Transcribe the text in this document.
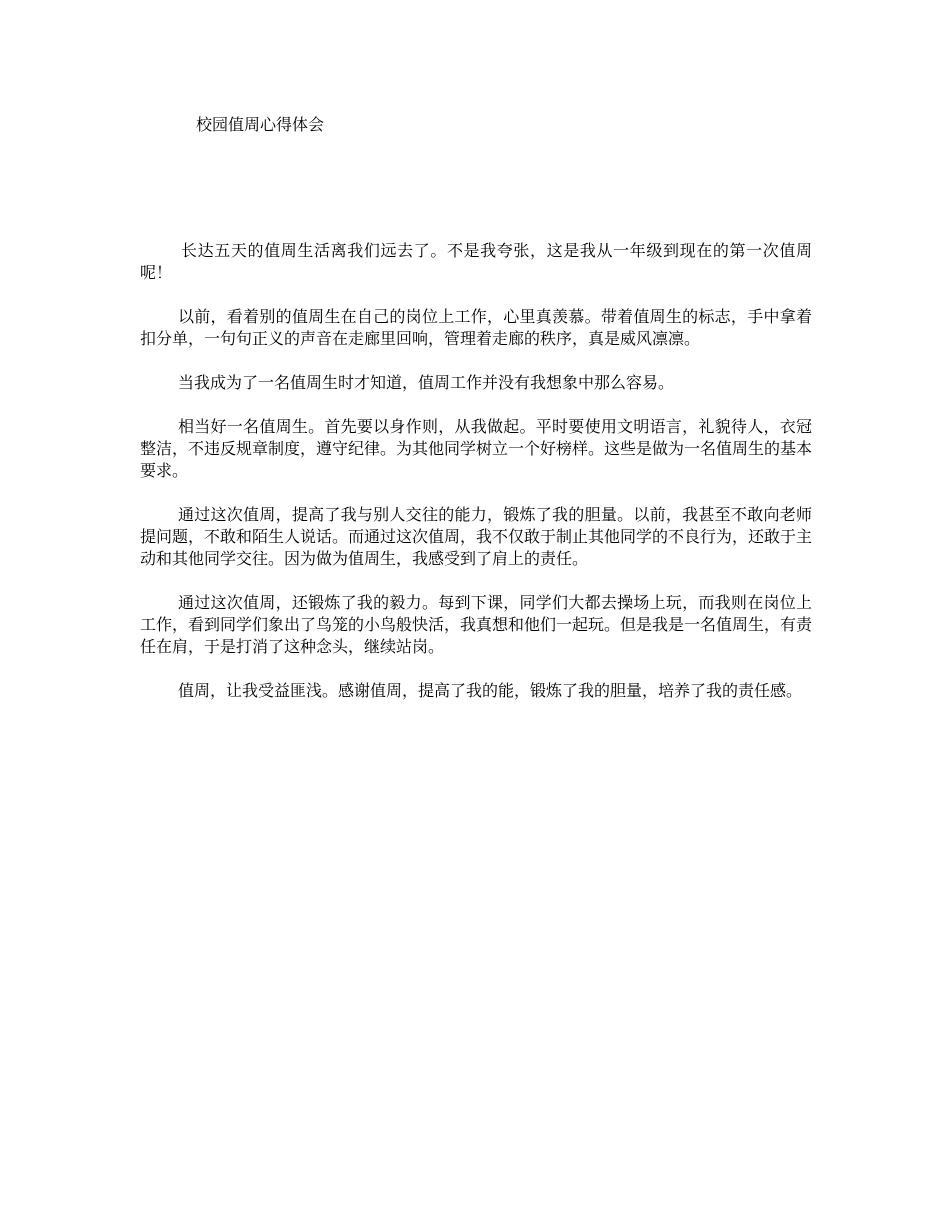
校园值周心得体会

长达五天的值周生活离我们远去了。不是我夸张，这是我从一年级到现在的第一次值周呢！

以前，看着别的值周生在自己的岗位上工作，心里真羡慕。带着值周生的标志，手中拿着扣分单，一句句正义的声音在走廊里回响，管理着走廊的秩序，真是威风凛凛。

当我成为了一名值周生时才知道，值周工作并没有我想象中那么容易。

相当好一名值周生。首先要以身作则，从我做起。平时要使用文明语言，礼貌待人，衣冠整洁，不违反规章制度，遵守纪律。为其他同学树立一个好榜样。这些是做为一名值周生的基本要求。

通过这次值周，提高了我与别人交往的能力，锻炼了我的胆量。以前，我甚至不敢向老师提问题，不敢和陌生人说话。而通过这次值周，我不仅敢于制止其他同学的不良行为，还敢于主动和其他同学交往。因为做为值周生，我感受到了肩上的责任。

通过这次值周，还锻炼了我的毅力。每到下课，同学们大都去操场上玩，而我则在岗位上工作，看到同学们象出了鸟笼的小鸟般快活，我真想和他们一起玩。但是我是一名值周生，有责任在肩，于是打消了这种念头，继续站岗。

值周，让我受益匪浅。感谢值周，提高了我的能，锻炼了我的胆量，培养了我的责任感。
